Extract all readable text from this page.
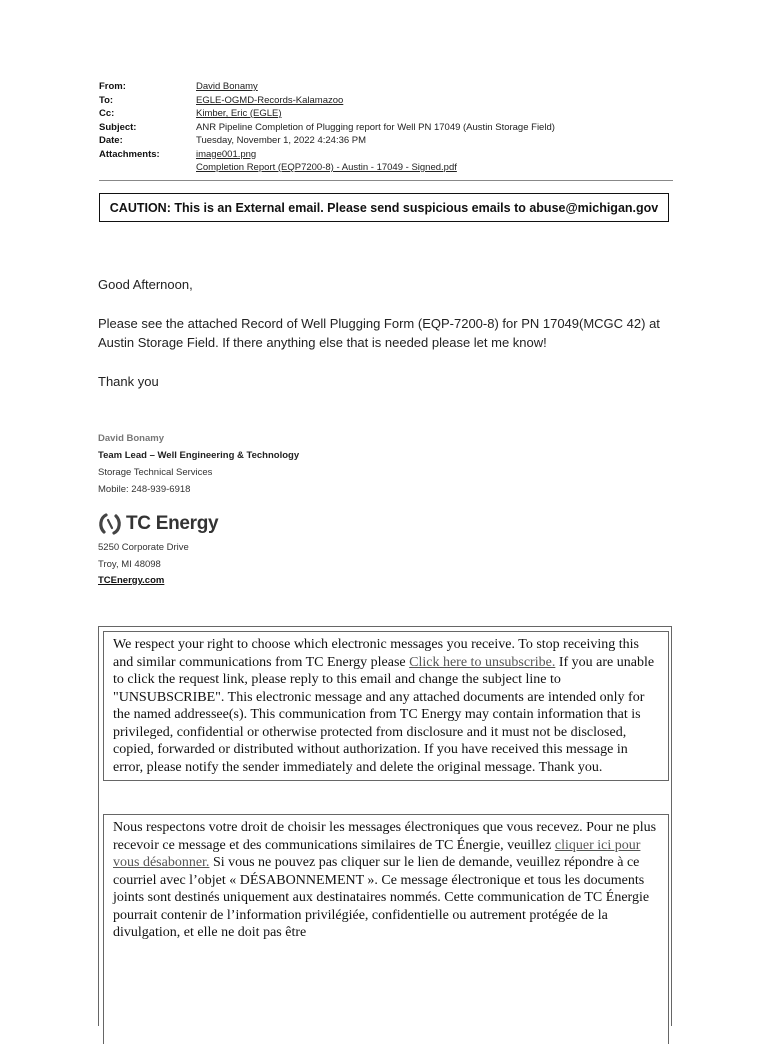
From:	David Bonamy
To:	EGLE-OGMD-Records-Kalamazoo
Cc:	Kimber, Eric (EGLE)
Subject:	ANR Pipeline Completion of Plugging report for Well PN 17049 (Austin Storage Field)
Date:	Tuesday, November 1, 2022 4:24:36 PM
Attachments:	image001.png
Completion Report (EQP7200-8) - Austin - 17049 - Signed.pdf
CAUTION: This is an External email. Please send suspicious emails to abuse@michigan.gov
Good Afternoon,
Please see the attached Record of Well Plugging Form (EQP-7200-8) for PN 17049(MCGC 42) at Austin Storage Field. If there anything else that is needed please let me know!
Thank you
David Bonamy
Team Lead – Well Engineering & Technology
Storage Technical Services
Mobile: 248-939-6918
TC Energy
5250 Corporate Drive
Troy, MI 48098
TCEnergy.com
We respect your right to choose which electronic messages you receive. To stop receiving this and similar communications from TC Energy please Click here to unsubscribe. If you are unable to click the request link, please reply to this email and change the subject line to "UNSUBSCRIBE". This electronic message and any attached documents are intended only for the named addressee(s). This communication from TC Energy may contain information that is privileged, confidential or otherwise protected from disclosure and it must not be disclosed, copied, forwarded or distributed without authorization. If you have received this message in error, please notify the sender immediately and delete the original message. Thank you.
Nous respectons votre droit de choisir les messages électroniques que vous recevez. Pour ne plus recevoir ce message et des communications similaires de TC Énergie, veuillez cliquer ici pour vous désabonner. Si vous ne pouvez pas cliquer sur le lien de demande, veuillez répondre à ce courriel avec l’objet « DÉSABONNEMENT ». Ce message électronique et tous les documents joints sont destinés uniquement aux destinataires nommés. Cette communication de TC Énergie pourrait contenir de l’information privilégiée, confidentielle ou autrement protégée de la divulgation, et elle ne doit pas être
